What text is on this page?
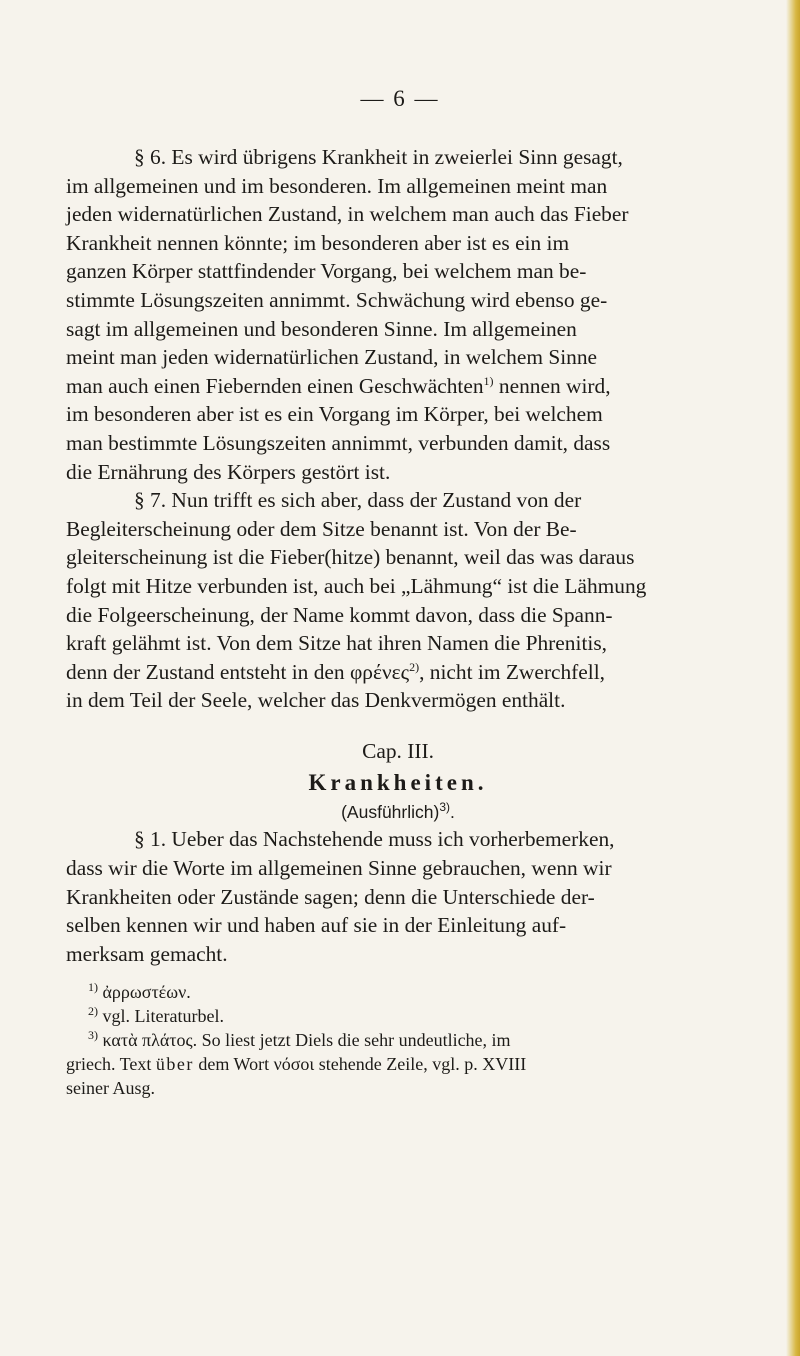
— 6 —
§ 6. Es wird übrigens Krankheit in zweierlei Sinn gesagt,
im allgemeinen und im besonderen. Im allgemeinen meint man
jeden widernatürlichen Zustand, in welchem man auch das Fieber
Krankheit nennen könnte; im besonderen aber ist es ein im
ganzen Körper stattfindender Vorgang, bei welchem man be-
stimmte Lösungszeiten annimmt. Schwächung wird ebenso ge-
sagt im allgemeinen und besonderen Sinne. Im allgemeinen
meint man jeden widernatürlichen Zustand, in welchem Sinne
man auch einen Fiebernden einen Geschwächten$^{1)}$ nennen wird,
im besonderen aber ist es ein Vorgang im Körper, bei welchem
man bestimmte Lösungszeiten annimmt, verbunden damit, dass
die Ernährung des Körpers gestört ist.
§ 7. Nun trifft es sich aber, dass der Zustand von der
Begleiterscheinung oder dem Sitze benannt ist. Von der Be-
gleiterscheinung ist die Fieber(hitze) benannt, weil das was daraus
folgt mit Hitze verbunden ist, auch bei „Lähmung“ ist die Lähmung
die Folgeerscheinung, der Name kommt davon, dass die Spann-
kraft gelähmt ist. Von dem Sitze hat ihren Namen die Phrenitis,
denn der Zustand entsteht in den φρένες$^{2)}$, nicht im Zwerchfell,
in dem Teil der Seele, welcher das Denkvermögen enthält.
Cap. III.
Krankheiten.
(Ausführlich)$^{3)}$.
§ 1. Ueber das Nachstehende muss ich vorherbemerken,
dass wir die Worte im allgemeinen Sinne gebrauchen, wenn wir
Krankheiten oder Zustände sagen; denn die Unterschiede der-
selben kennen wir und haben auf sie in der Einleitung auf-
merksam gemacht.
$^{1)}$ ἀρρωστέων.
$^{2)}$ vgl. Literaturbel.
$^{3)}$ κατὰ πλάτος. So liest jetzt Diels die sehr undeutliche, im
griech. Text über dem Wort νόσοι stehende Zeile, vgl. p. XVIII
seiner Ausg.
